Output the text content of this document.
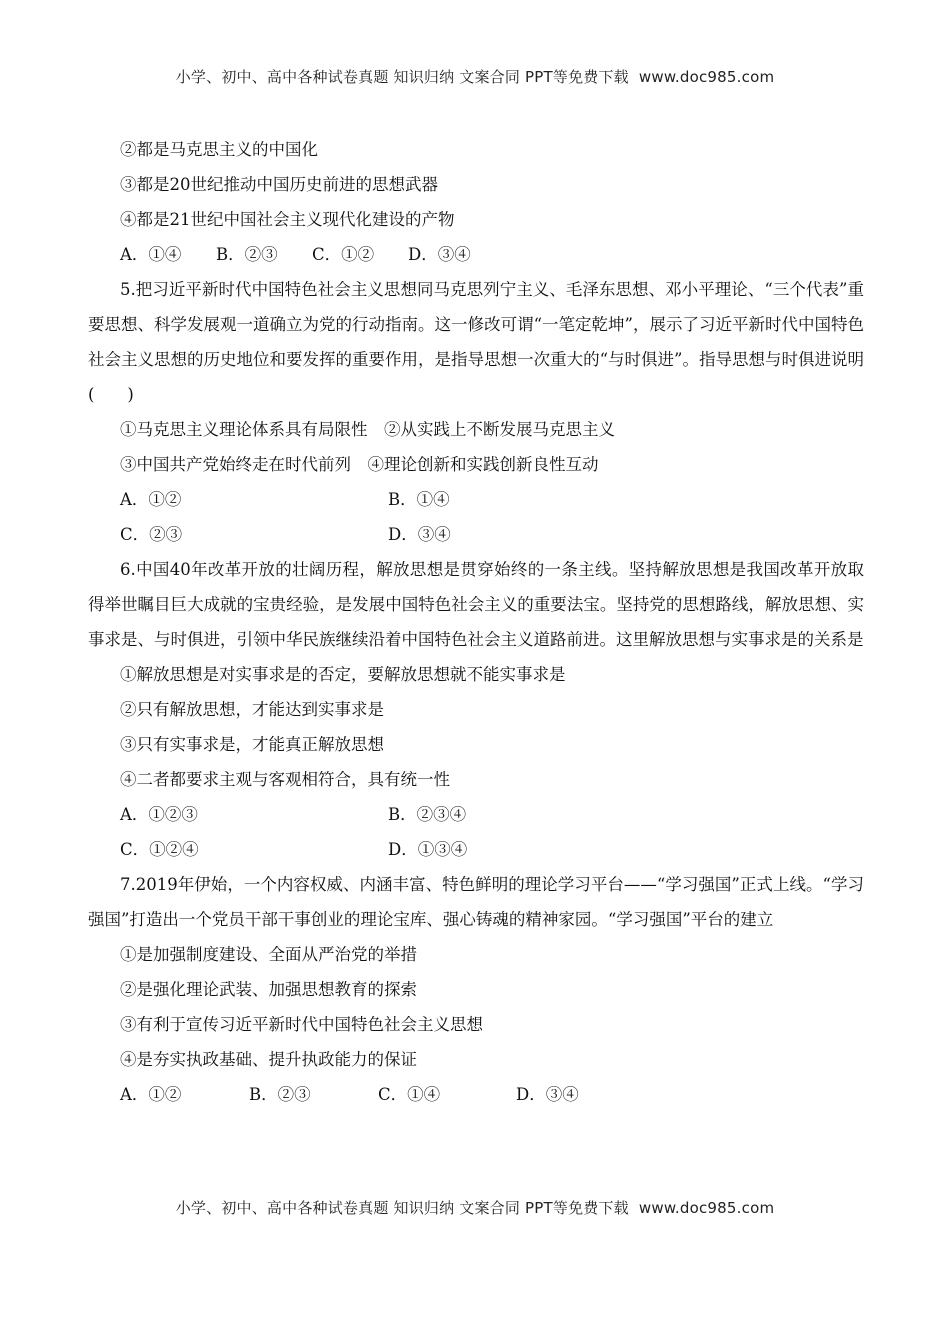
小学、初中、高中各种试卷真题 知识归纳 文案合同 PPT等免费下载 www.doc985.com
②都是马克思主义的中国化
③都是20世纪推动中国历史前进的思想武器
④都是21世纪中国社会主义现代化建设的产物
A．①④ B．②③ C．①② D．③④

5.把习近平新时代中国特色社会主义思想同马克思列宁主义、毛泽东思想、邓小平理论、“三个代表”重要思想、科学发展观一道确立为党的行动指南。这一修改可谓“一笔定乾坤”，展示了习近平新时代中国特色社会主义思想的历史地位和要发挥的重要作用，是指导思想一次重大的“与时俱进”。指导思想与时俱进说明(　　)

①马克思主义理论体系具有局限性　②从实践上不断发展马克思主义
③中国共产党始终走在时代前列　④理论创新和实践创新良性互动
A．①②	B．①④
C．②③	D．③④

6.中国40年改革开放的壮阔历程，解放思想是贯穿始终的一条主线。坚持解放思想是我国改革开放取得举世瞩目巨大成就的宝贵经验，是发展中国特色社会主义的重要法宝。坚持党的思想路线，解放思想、实事求是、与时俱进，引领中华民族继续沿着中国特色社会主义道路前进。这里解放思想与实事求是的关系是

①解放思想是对实事求是的否定，要解放思想就不能实事求是
②只有解放思想，才能达到实事求是
③只有实事求是，才能真正解放思想
④二者都要求主观与客观相符合，具有统一性
A．①②③	B．②③④
C．①②④	D．①③④

7.2019年伊始，一个内容权威、内涵丰富、特色鲜明的理论学习平台——“学习强国”正式上线。“学习强国”打造出一个党员干部干事创业的理论宝库、强心铸魂的精神家园。“学习强国”平台的建立

①是加强制度建设、全面从严治党的举措
②是强化理论武装、加强思想教育的探索
③有利于宣传习近平新时代中国特色社会主义思想
④是夯实执政基础、提升执政能力的保证
A．①②	B．②③	C．①④	D．③④
小学、初中、高中各种试卷真题 知识归纳 文案合同 PPT等免费下载 www.doc985.com
